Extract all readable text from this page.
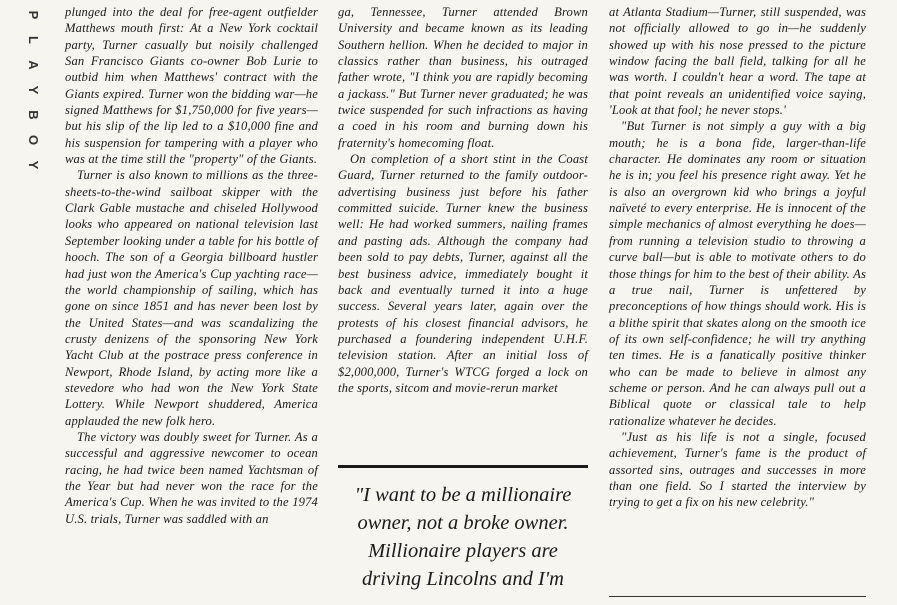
P
L
A
Y
B
O
Y

plunged into the deal for free-agent outfielder Matthews mouth first: At a New York cocktail party, Turner casually but noisily challenged San Francisco Giants co-owner Bob Lurie to outbid him when Matthews' contract with the Giants expired. Turner won the bidding war—he signed Matthews for $1,750,000 for five years—but his slip of the lip led to a $10,000 fine and his suspension for tampering with a player who was at the time still the "property" of the Giants.

Turner is also known to millions as the three-sheets-to-the-wind sailboat skipper with the Clark Gable mustache and chiseled Hollywood looks who appeared on national television last September looking under a table for his bottle of hooch. The son of a Georgia billboard hustler had just won the America's Cup yachting race—the world championship of sailing, which has gone on since 1851 and has never been lost by the United States—and was scandalizing the crusty denizens of the sponsoring New York Yacht Club at the postrace press conference in Newport, Rhode Island, by acting more like a stevedore who had won the New York State Lottery. While Newport shuddered, America applauded the new folk hero.

The victory was doubly sweet for Turner. As a successful and aggressive newcomer to ocean racing, he had twice been named Yachtsman of the Year but had never won the race for the America's Cup. When he was invited to the 1974 U.S. trials, Turner was saddled with an

ga, Tennessee, Turner attended Brown University and became known as its leading Southern hellion. When he decided to major in classics rather than business, his outraged father wrote, "I think you are rapidly becoming a jackass." But Turner never graduated; he was twice suspended for such infractions as having a coed in his room and burning down his fraternity's homecoming float.

On completion of a short stint in the Coast Guard, Turner returned to the family outdoor-advertising business just before his father committed suicide. Turner knew the business well: He had worked summers, nailing frames and pasting ads. Although the company had been sold to pay debts, Turner, against all the best business advice, immediately bought it back and eventually turned it into a huge success. Several years later, again over the protests of his closest financial advisors, he purchased a foundering independent U.H.F. television station. After an initial loss of $2,000,000, Turner's WTCG forged a lock on the sports, sitcom and movie-rerun market

"I want to be a millionaire
owner, not a broke owner.
Millionaire players are
driving Lincolns and I'm

at Atlanta Stadium—Turner, still suspended, was not officially allowed to go in—he suddenly showed up with his nose pressed to the picture window facing the ball field, talking for all he was worth. I couldn't hear a word. The tape at that point reveals an unidentified voice saying, 'Look at that fool; he never stops.'

"But Turner is not simply a guy with a big mouth; he is a bona fide, larger-than-life character. He dominates any room or situation he is in; you feel his presence right away. Yet he is also an overgrown kid who brings a joyful naïveté to every enterprise. He is innocent of the simple mechanics of almost everything he does—from running a television studio to throwing a curve ball—but is able to motivate others to do those things for him to the best of their ability. As a true nail, Turner is unfettered by preconceptions of how things should work. His is a blithe spirit that skates along on the smooth ice of its own self-confidence; he will try anything ten times. He is a fanatically positive thinker who can be made to believe in almost any scheme or person. And he can always pull out a Biblical quote or classical tale to help rationalize whatever he decides.

"Just as his life is not a single, focused achievement, Turner's fame is the product of assorted sins, outrages and successes in more than one field. So I started the interview by trying to get a fix on his new celebrity."
